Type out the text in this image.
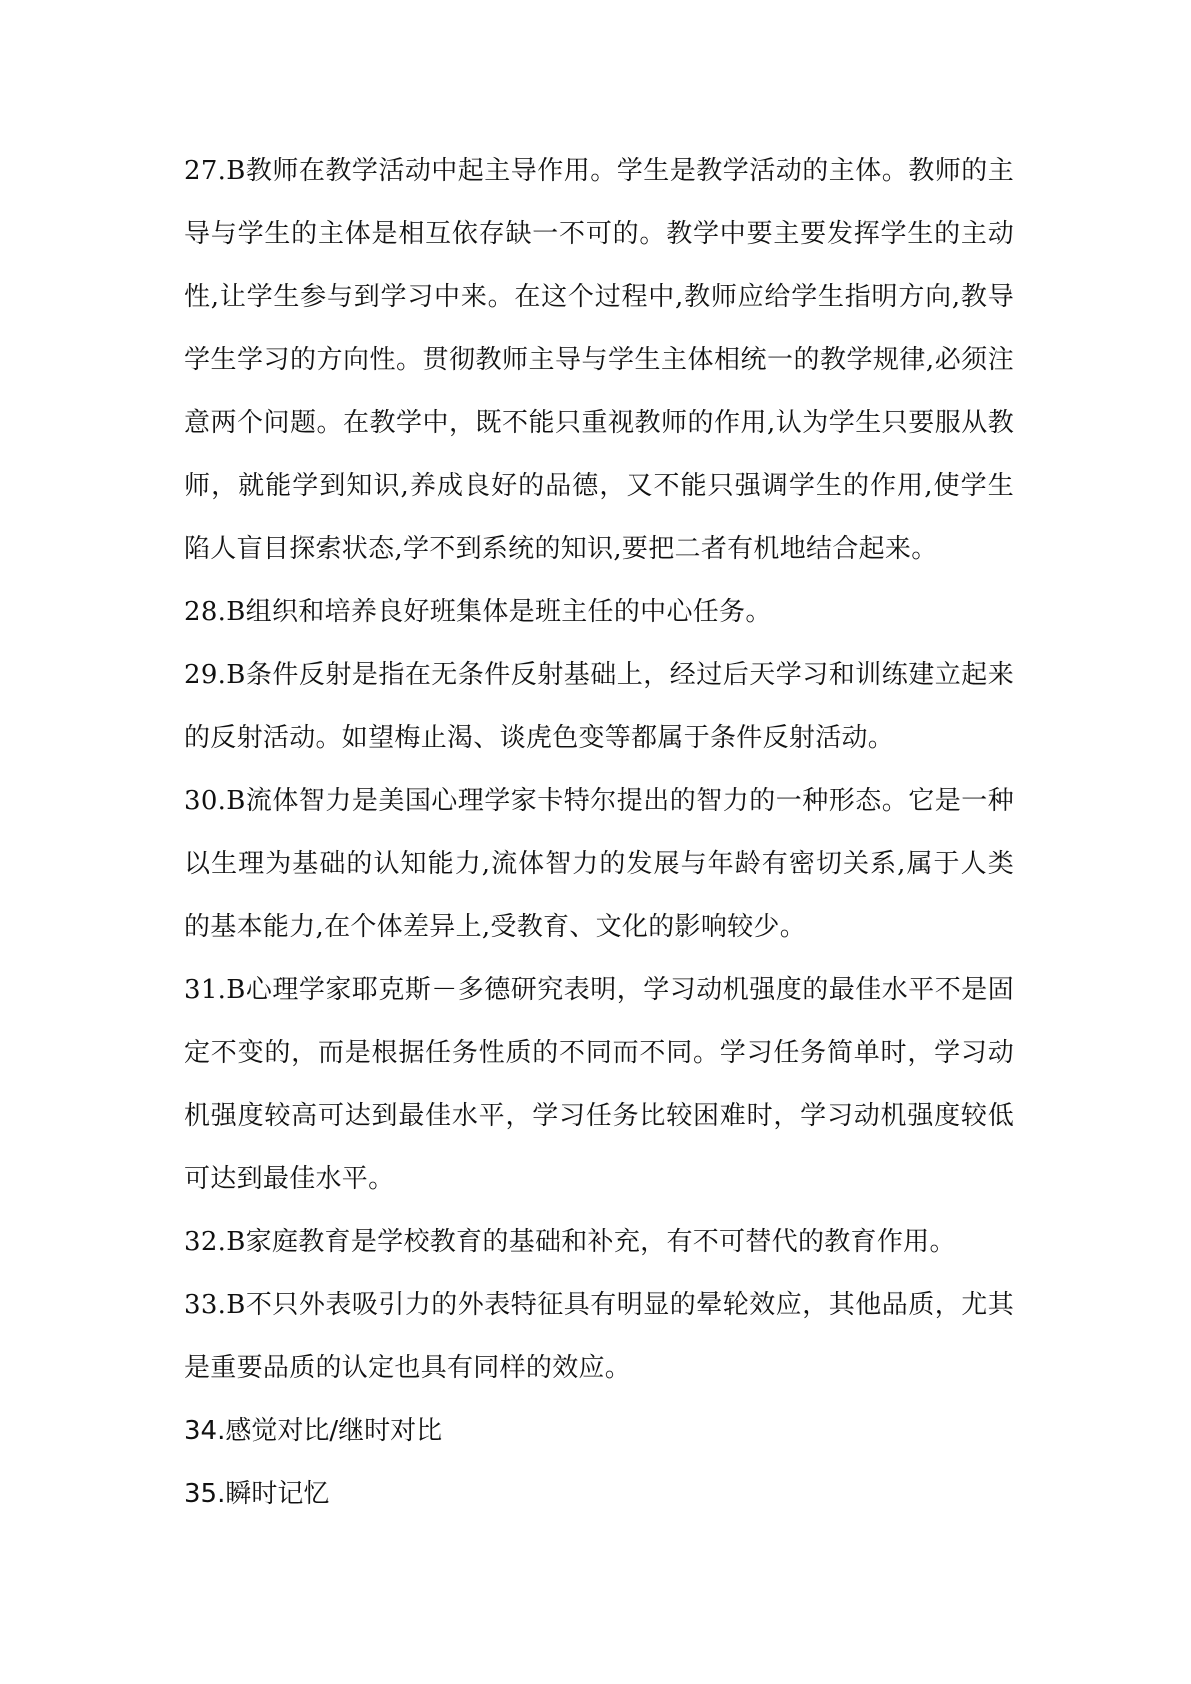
27.B教师在教学活动中起主导作用。学生是教学活动的主体。教师的主导与学生的主体是相互依存缺一不可的。教学中要主要发挥学生的主动性,让学生参与到学习中来。在这个过程中,教师应给学生指明方向,教导学生学习的方向性。贯彻教师主导与学生主体相统一的教学规律,必须注意两个问题。在教学中，既不能只重视教师的作用,认为学生只要服从教师，就能学到知识,养成良好的品德，又不能只强调学生的作用,使学生陷人盲目探索状态,学不到系统的知识,要把二者有机地结合起来。

28.B组织和培养良好班集体是班主任的中心任务。

29.B条件反射是指在无条件反射基础上，经过后天学习和训练建立起来的反射活动。如望梅止渴、谈虎色变等都属于条件反射活动。

30.B流体智力是美国心理学家卡特尔提出的智力的一种形态。它是一种以生理为基础的认知能力,流体智力的发展与年龄有密切关系,属于人类的基本能力,在个体差异上,受教育、文化的影响较少。

31.B心理学家耶克斯－多德研究表明，学习动机强度的最佳水平不是固定不变的，而是根据任务性质的不同而不同。学习任务简单时，学习动机强度较高可达到最佳水平，学习任务比较困难时，学习动机强度较低可达到最佳水平。

32.B家庭教育是学校教育的基础和补充，有不可替代的教育作用。

33.B不只外表吸引力的外表特征具有明显的晕轮效应，其他品质，尤其是重要品质的认定也具有同样的效应。

34.感觉对比/继时对比

35.瞬时记忆
